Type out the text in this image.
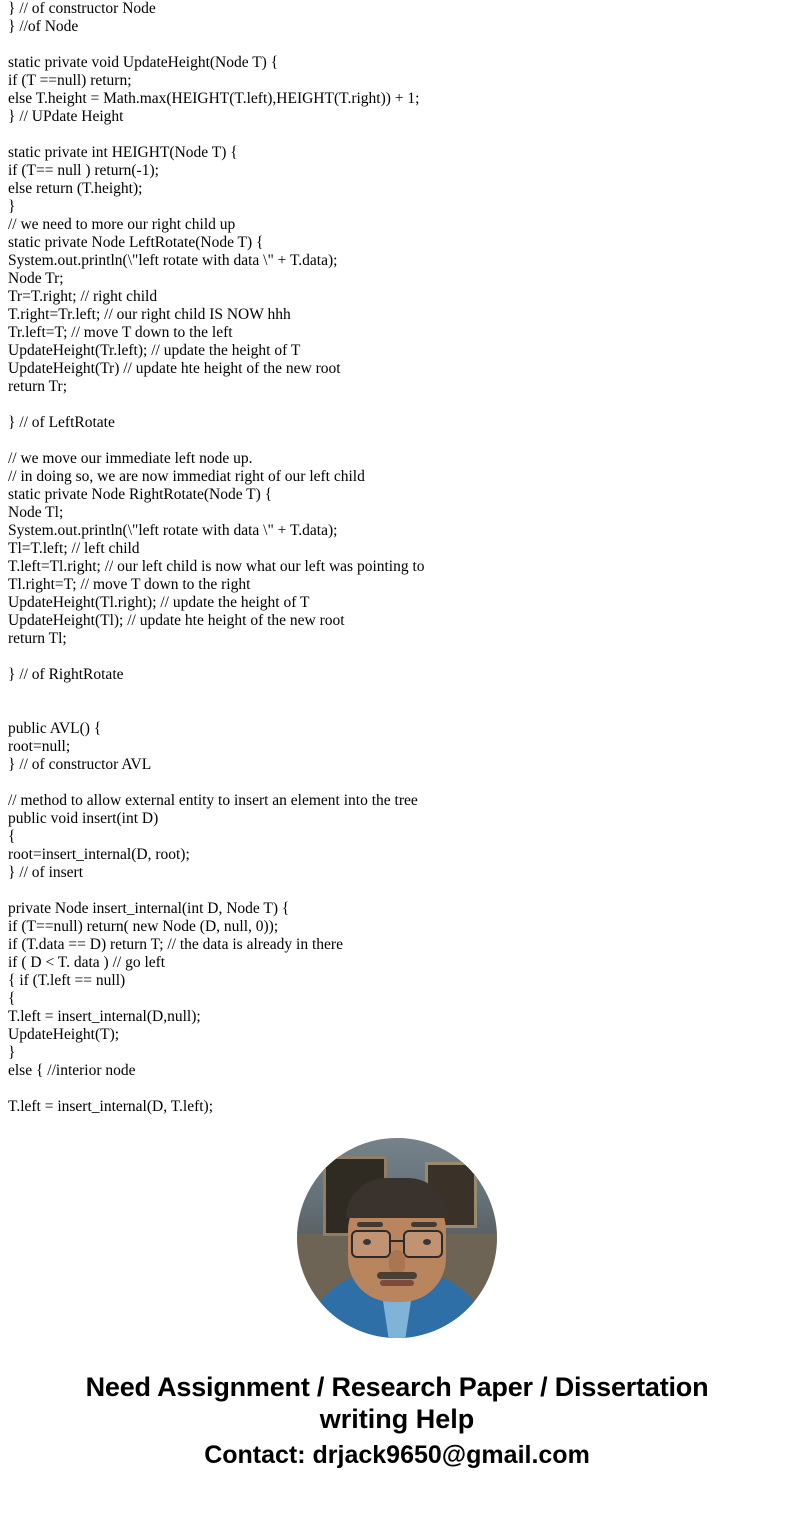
} // of constructor Node
} //of Node
static private void UpdateHeight(Node T) {
if (T ==null) return;
else T.height = Math.max(HEIGHT(T.left),HEIGHT(T.right)) + 1;
} // UPdate Height
static private int HEIGHT(Node T) {
if (T== null ) return(-1);
else return (T.height);
}
// we need to more our right child up
static private Node LeftRotate(Node T) {
System.out.println(\"left rotate with data \" + T.data);
Node Tr;
Tr=T.right; // right child
T.right=Tr.left; // our right child IS NOW hhh
Tr.left=T; // move T down to the left
UpdateHeight(Tr.left); // update the height of T
UpdateHeight(Tr) // update hte height of the new root
return Tr;
} // of LeftRotate
// we move our immediate left node up.
// in doing so, we are now immediat right of our left child
static private Node RightRotate(Node T) {
Node Tl;
System.out.println(\"left rotate with data \" + T.data);
Tl=T.left; // left child
T.left=Tl.right; // our left child is now what our left was pointing to
Tl.right=T; // move T down to the right
UpdateHeight(Tl.right); // update the height of T
UpdateHeight(Tl); // update hte height of the new root
return Tl;
} // of RightRotate
public AVL() {
root=null;
} // of constructor AVL
// method to allow external entity to insert an element into the tree
public void insert(int D)
{
root=insert_internal(D, root);
} // of insert
private Node insert_internal(int D, Node T) {
if (T==null) return( new Node (D, null, 0));
if (T.data == D) return T; // the data is already in there
if ( D < T. data ) // go left
{ if (T.left == null)
{
T.left = insert_internal(D,null);
UpdateHeight(T);
}
else { //interior node
T.left = insert_internal(D, T.left);
Need Assignment / Research Paper / Dissertation
writing Help
Contact: drjack9650@gmail.com
